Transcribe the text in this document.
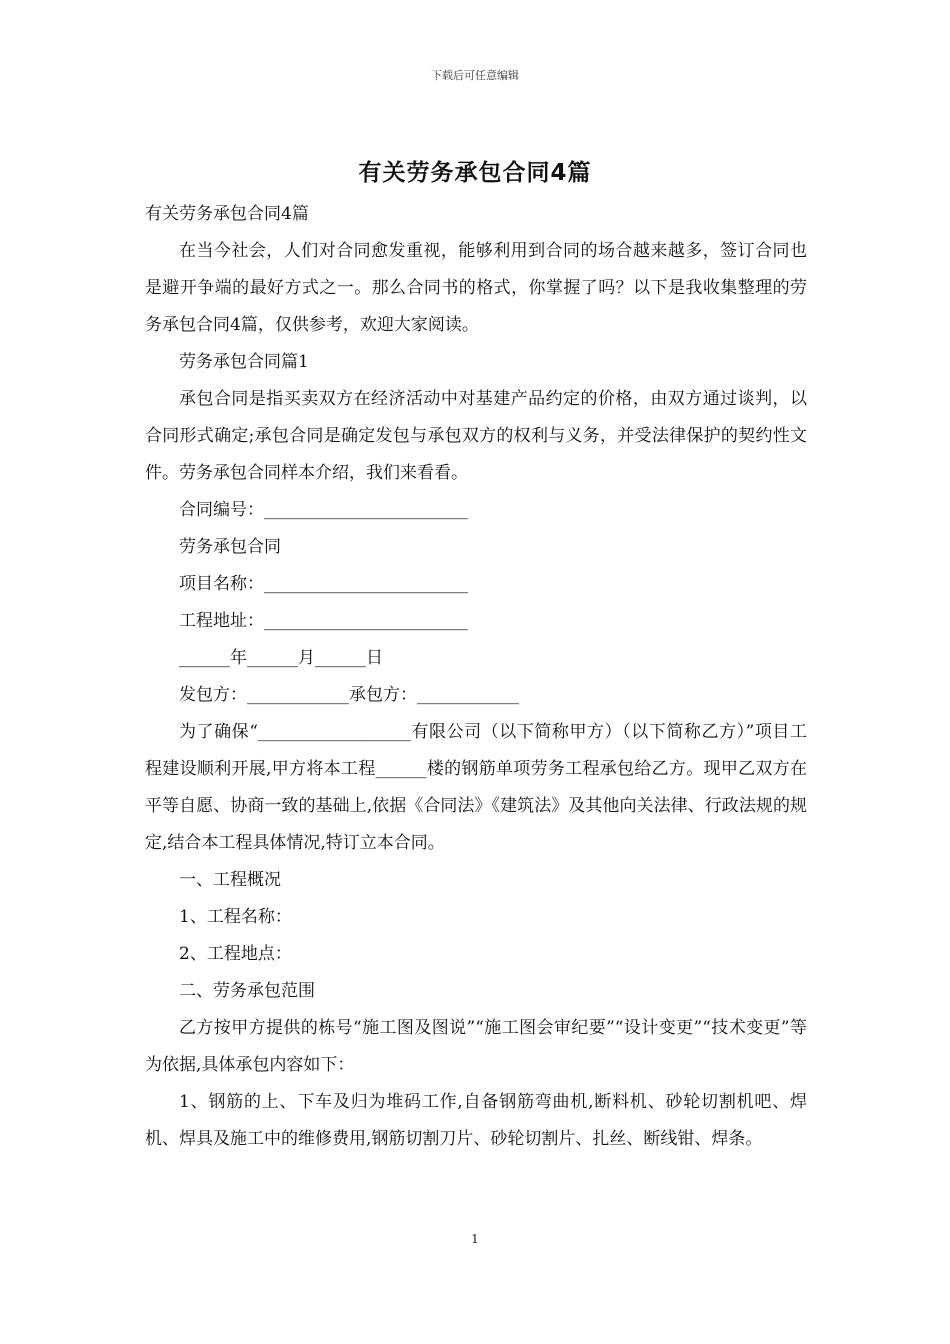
下载后可任意编辑
有关劳务承包合同4篇

有关劳务承包合同4篇

在当今社会，人们对合同愈发重视，能够利用到合同的场合越来越多，签订合同也是避开争端的最好方式之一。那么合同书的格式，你掌握了吗？以下是我收集整理的劳务承包合同4篇，仅供参考，欢迎大家阅读。

劳务承包合同篇1

承包合同是指买卖双方在经济活动中对基建产品约定的价格，由双方通过谈判，以合同形式确定;承包合同是确定发包与承包双方的权利与义务，并受法律保护的契约性文件。劳务承包合同样本介绍，我们来看看。

合同编号：________________________

劳务承包合同

项目名称：________________________

工程地址：________________________

______年______月______日

发包方：____________承包方：____________

为了确保“__________________有限公司（以下简称甲方）（以下简称乙方）”项目工程建设顺利开展,甲方将本工程______楼的钢筋单项劳务工程承包给乙方。现甲乙双方在平等自愿、协商一致的基础上,依据《合同法》《建筑法》及其他向关法律、行政法规的规定,结合本工程具体情况,特订立本合同。

一、工程概况

1、工程名称：

2、工程地点：

二、劳务承包范围

乙方按甲方提供的栋号“施工图及图说”“施工图会审纪要”“设计变更”“技术变更”等为依据,具体承包内容如下：

1、钢筋的上、下车及归为堆码工作,自备钢筋弯曲机,断料机、砂轮切割机吧、焊机、焊具及施工中的维修费用,钢筋切割刀片、砂轮切割片、扎丝、断线钳、焊条。

1
